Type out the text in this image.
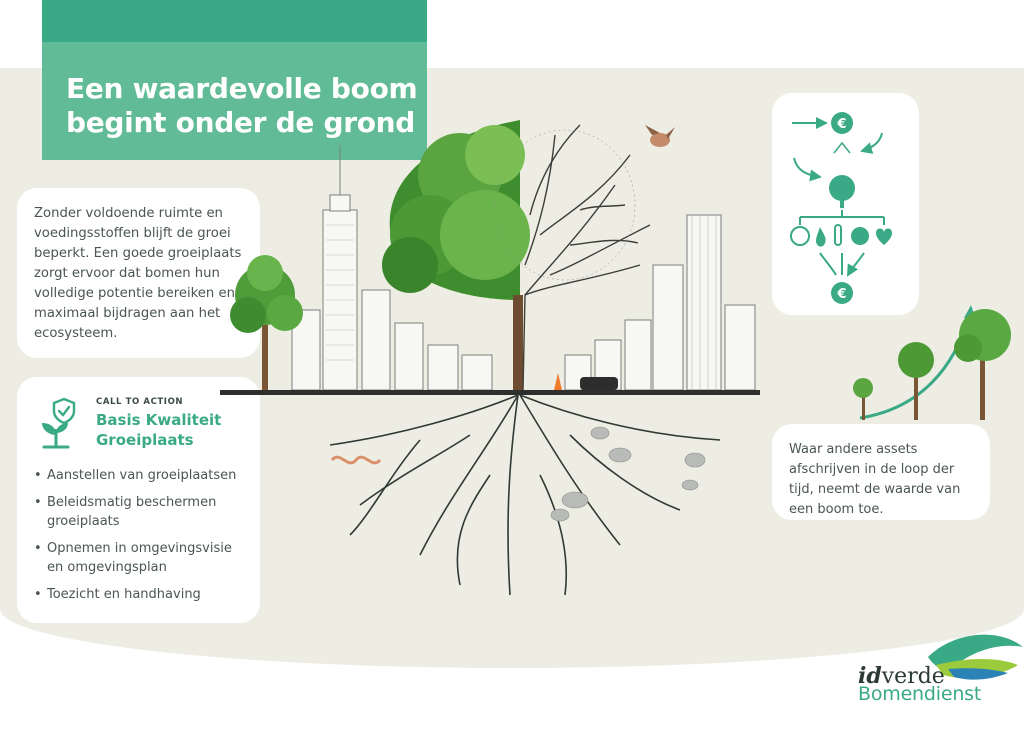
Een waardevolle boom
begint onder de grond

Zonder voldoende ruimte en voedingsstoffen blijft de groei beperkt. Een goede groeiplaats zorgt ervoor dat bomen hun volledige potentie bereiken en maximaal bijdragen aan het ecosysteem.

CALL TO ACTION
Basis Kwaliteit
Groeiplaats
• Aanstellen van groeiplaatsen
• Beleidsmatig beschermen groeiplaats
• Opnemen in omgevingsvisie en omgevingsplan
• Toezicht en handhaving
€
€

Waar andere assets afschrijven in de loop der tijd, neemt de waarde van een boom toe.

idverde
Bomendienst
